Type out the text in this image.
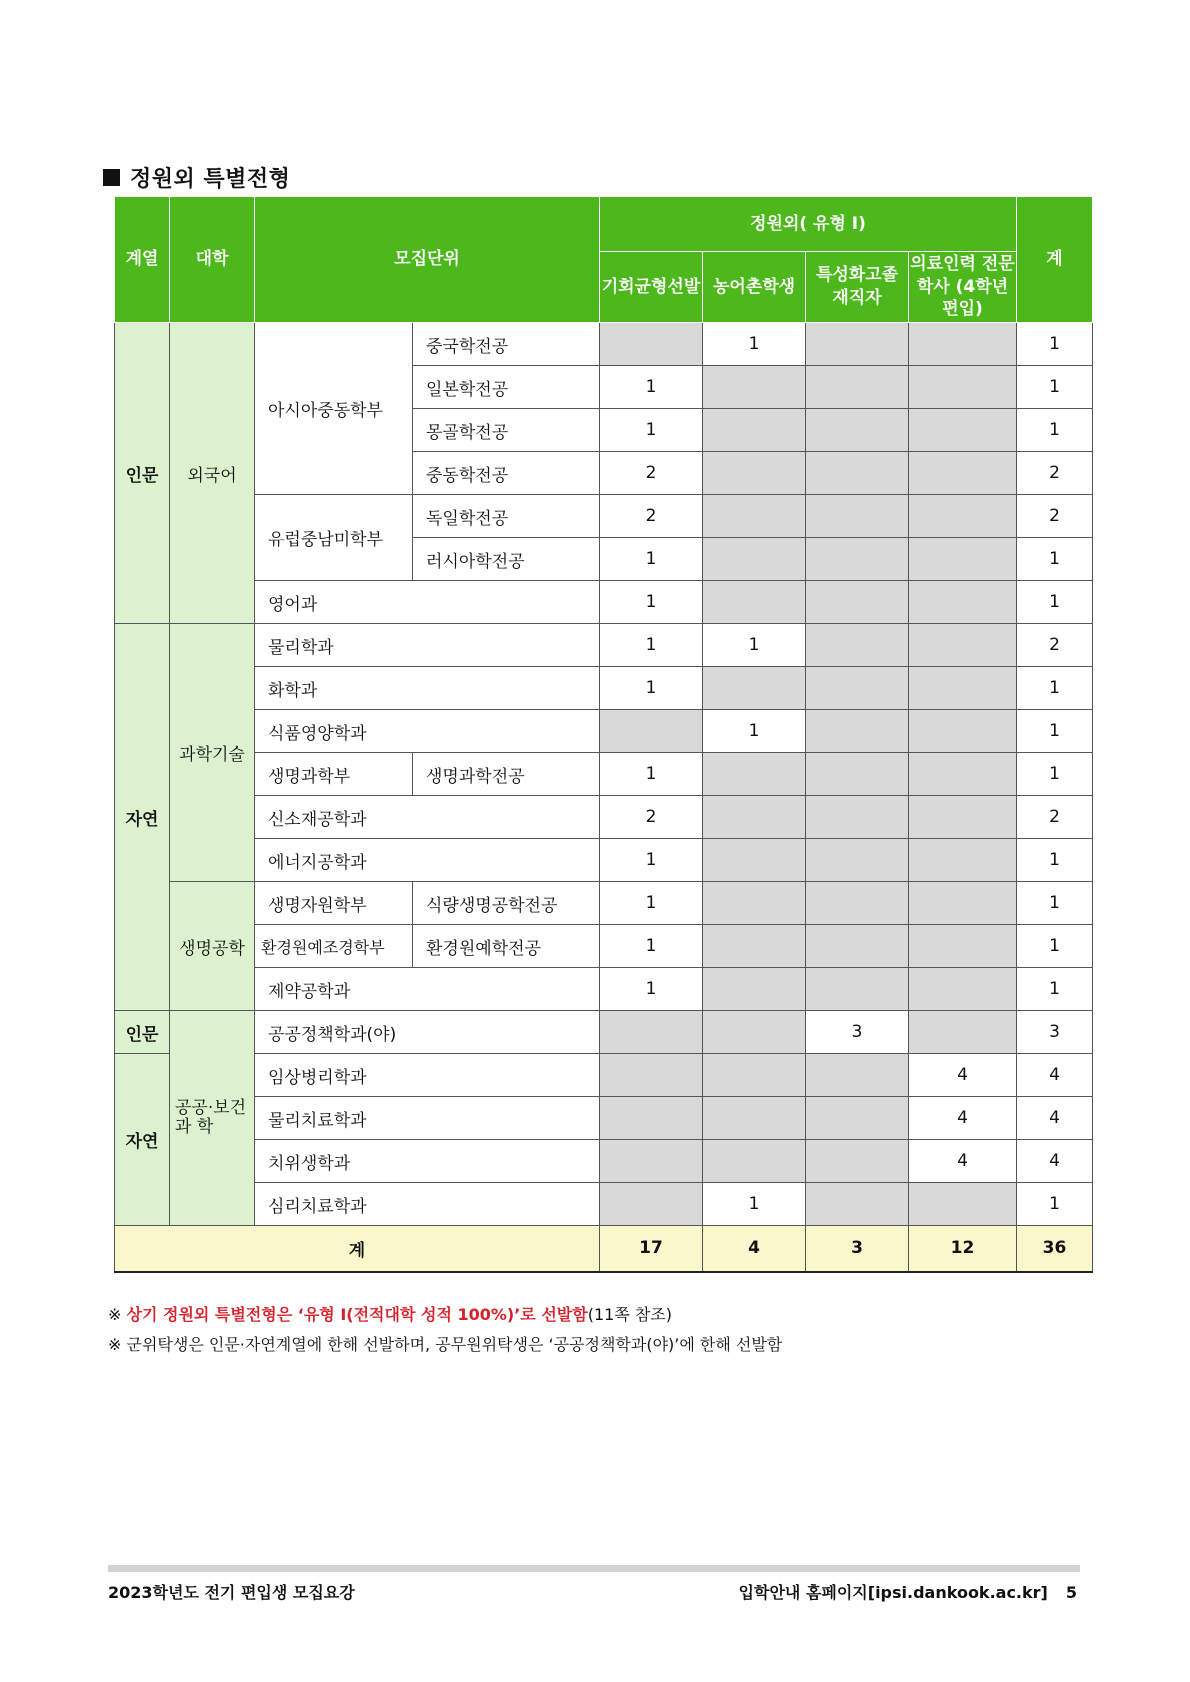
정원외 특별전형
계열	대학	모집단위		정원외( 유형 Ⅰ)				계
				기회균형선발	농어촌학생	특성화고졸 재직자	의료인력 전문학사 (4학년 편입)	
인문	외국어	아시아중동학부	중국학전공		1			1
			일본학전공	1				1
			몽골학전공	1				1
			중동학전공	2				2
		유럽중남미학부	독일학전공	2				2
			러시아학전공	1				1
		영어과		1				1
자연	과학기술	물리학과		1	1			2
		화학과		1				1
		식품영양학과			1			1
		생명과학부	생명과학전공	1				1
		신소재공학과		2				2
		에너지공학과		1				1
	생명공학	생명자원학부	식량생명공학전공	1				1
		환경원예조경학부	환경원예학전공	1				1
		제약공학과		1				1
인문	공공·보건과 학	공공정책학과(야)				3		3
자연		임상병리학과					4	4
		물리치료학과					4	4
		치위생학과					4	4
		심리치료학과			1			1
계				17	4	3	12	36
※ 상기 정원외 특별전형은 ‘유형 Ⅰ(전적대학 성적 100%)’로 선발함(11쪽 참조)
※ 군위탁생은 인문·자연계열에 한해 선발하며, 공무원위탁생은 ‘공공정책학과(야)’에 한해 선발함
2023학년도 전기 편입생 모집요강	입학안내 홈페이지[ipsi.dankook.ac.kr] 5
